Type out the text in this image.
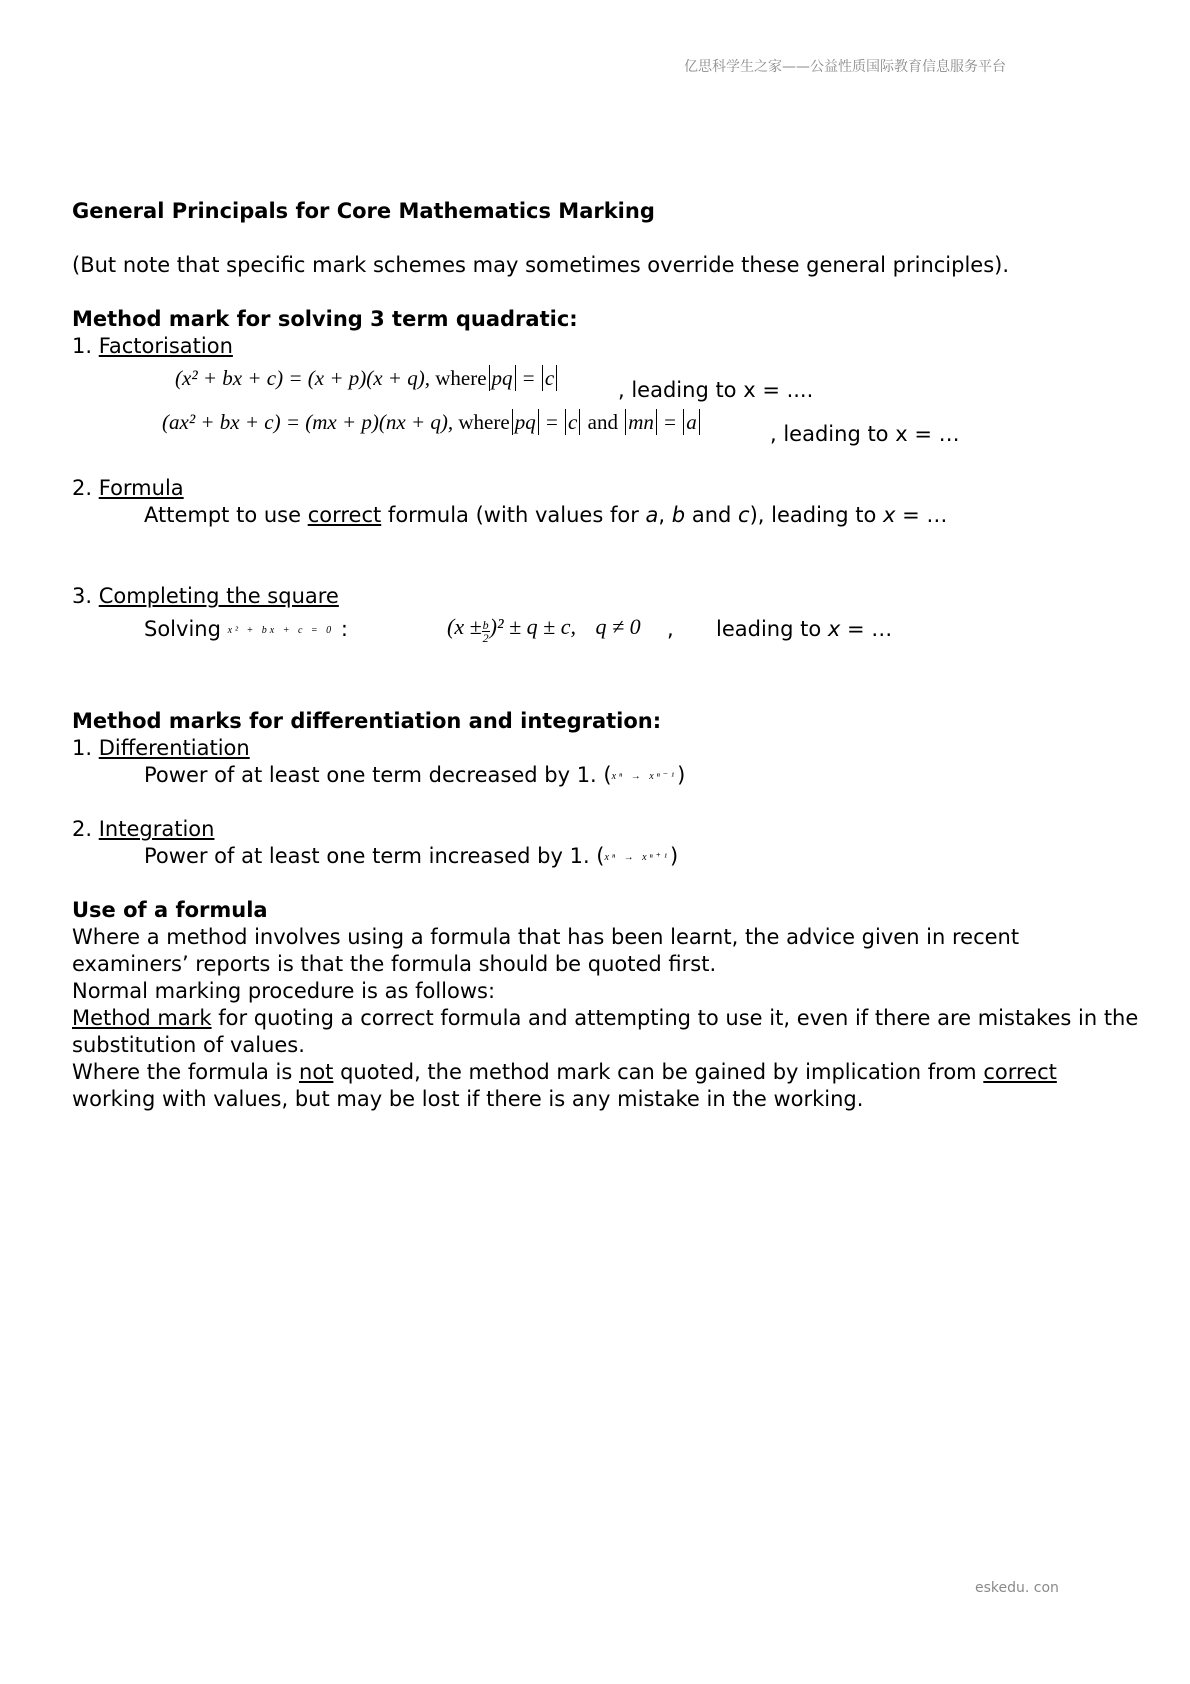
亿思科学生之家——公益性质国际教育信息服务平台
General Principals for Core Mathematics Marking
(But note that specific mark schemes may sometimes override these general principles).
Method mark for solving 3 term quadratic:
1. Factorisation
(x² + bx + c) = (x + p)(x + q), where pq = c	, leading to x = ....
(ax² + bx + c) = (mx + p)(nx + q), where pq = c and mn = a	, leading to x = …
2. Formula
Attempt to use correct formula (with values for a, b and c), leading to x = …
3. Completing the square
Solving x² + bx + c = 0 :	$(x \pm \frac{b}{2} )^2 \pm q \pm c$, q ≠ 0 , leading to x = …
Method marks for differentiation and integration:
1. Differentiation
Power of at least one term decreased by 1. (xⁿ → xⁿ⁻¹)
2. Integration
Power of at least one term increased by 1. (xⁿ → xⁿ⁺¹)
Use of a formula
Where a method involves using a formula that has been learnt, the advice given in recent examiners’ reports is that the formula should be quoted first.
Normal marking procedure is as follows:
Method mark for quoting a correct formula and attempting to use it, even if there are mistakes in the substitution of values.
Where the formula is not quoted, the method mark can be gained by implication from correct working with values, but may be lost if there is any mistake in the working.
eskedu. con
